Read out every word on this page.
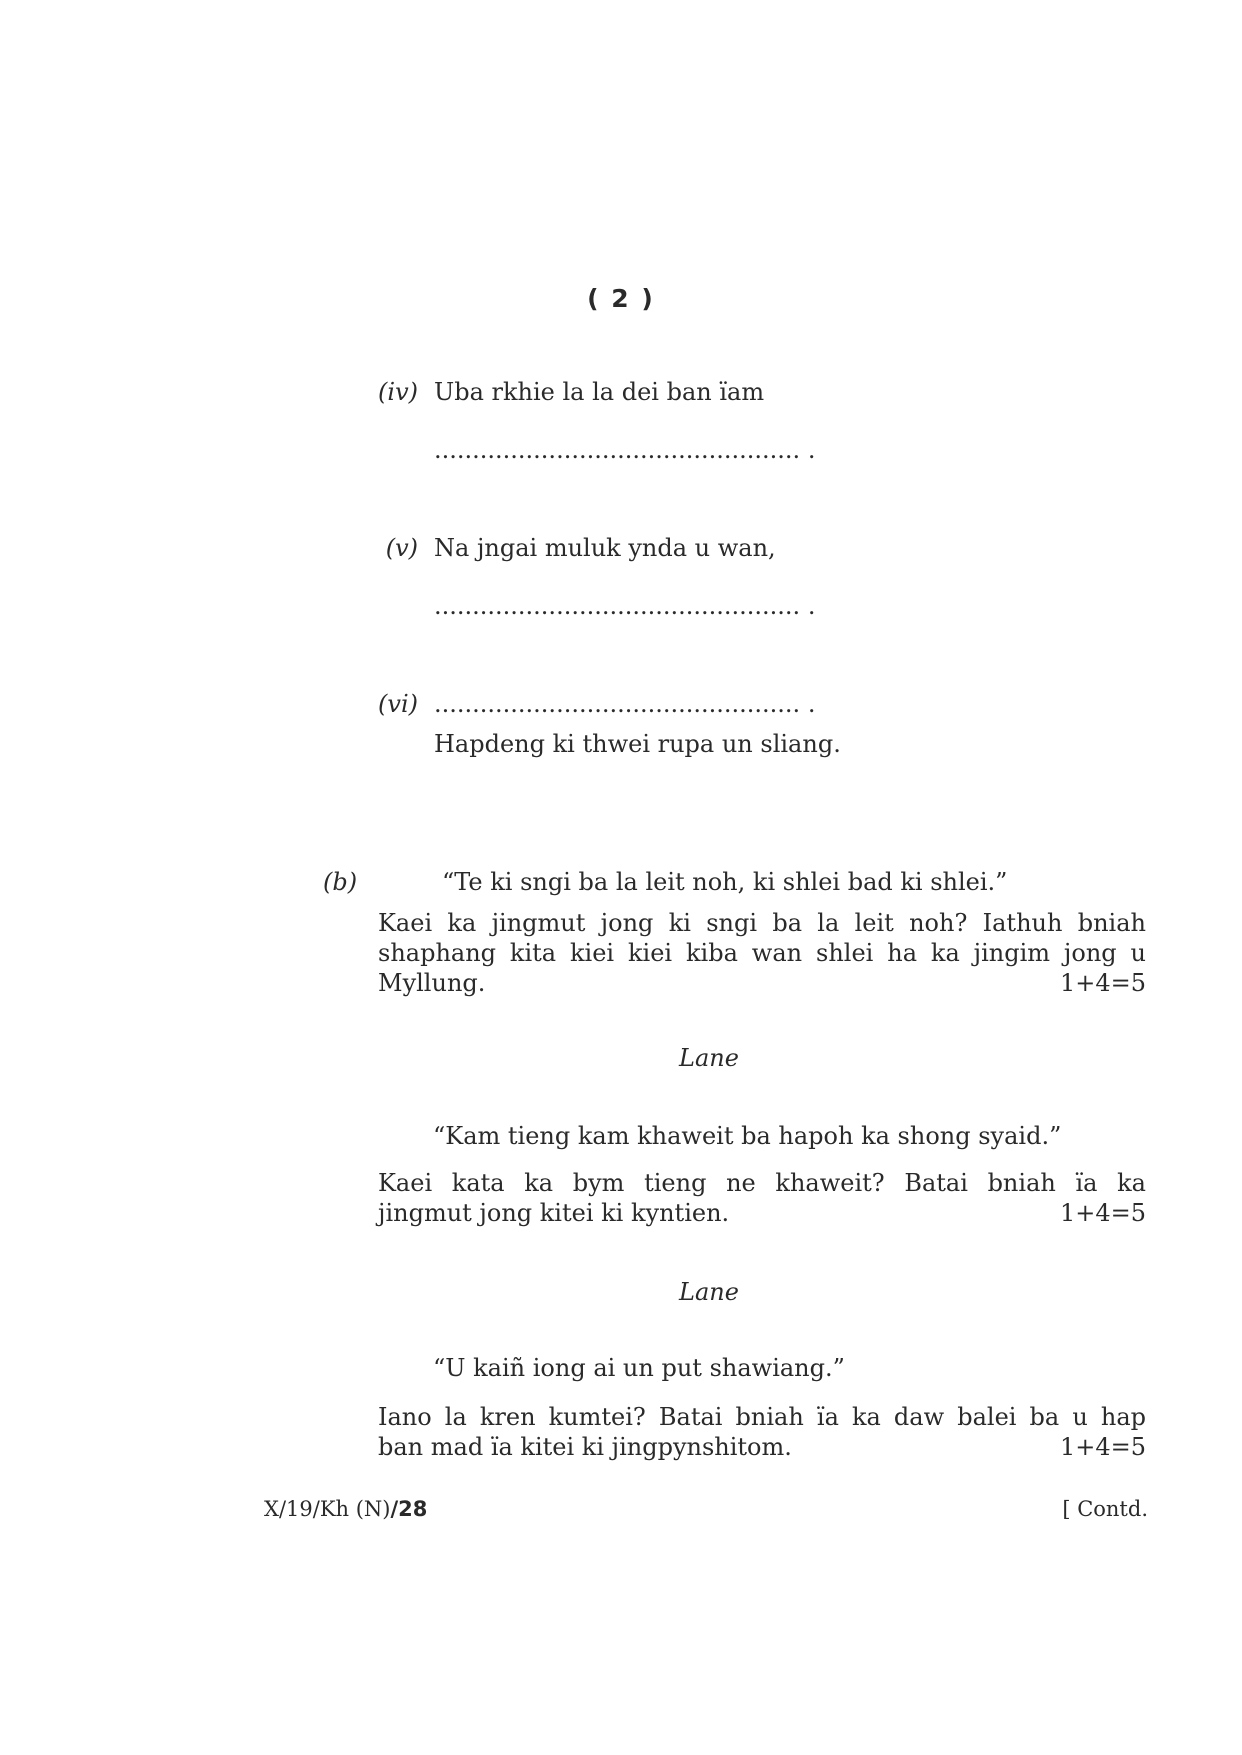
( 2 )
(iv) Uba rkhie la la dei ban ïam
................................................ .
(v) Na jngai muluk ynda u wan,
................................................ .
(vi) ................................................ .
Hapdeng ki thwei rupa un sliang.
(b)	“Te ki sngi ba la leit noh, ki shlei bad ki shlei.”
Kaei ka jingmut jong ki sngi ba la leit noh? Iathuh bniah
shaphang kita kiei kiei kiba wan shlei ha ka jingim jong u
Myllung.	1+4=5
Lane
“Kam tieng kam khaweit ba hapoh ka shong syaid.”
Kaei kata ka bym tieng ne khaweit? Batai bniah ïa ka
jingmut jong kitei ki kyntien.	1+4=5
Lane
“U kaiñ iong ai un put shawiang.”
Iano la kren kumtei? Batai bniah ïa ka daw balei ba u hap
ban mad ïa kitei ki jingpynshitom.	1+4=5
X/19/Kh (N)/28	[ Contd.
